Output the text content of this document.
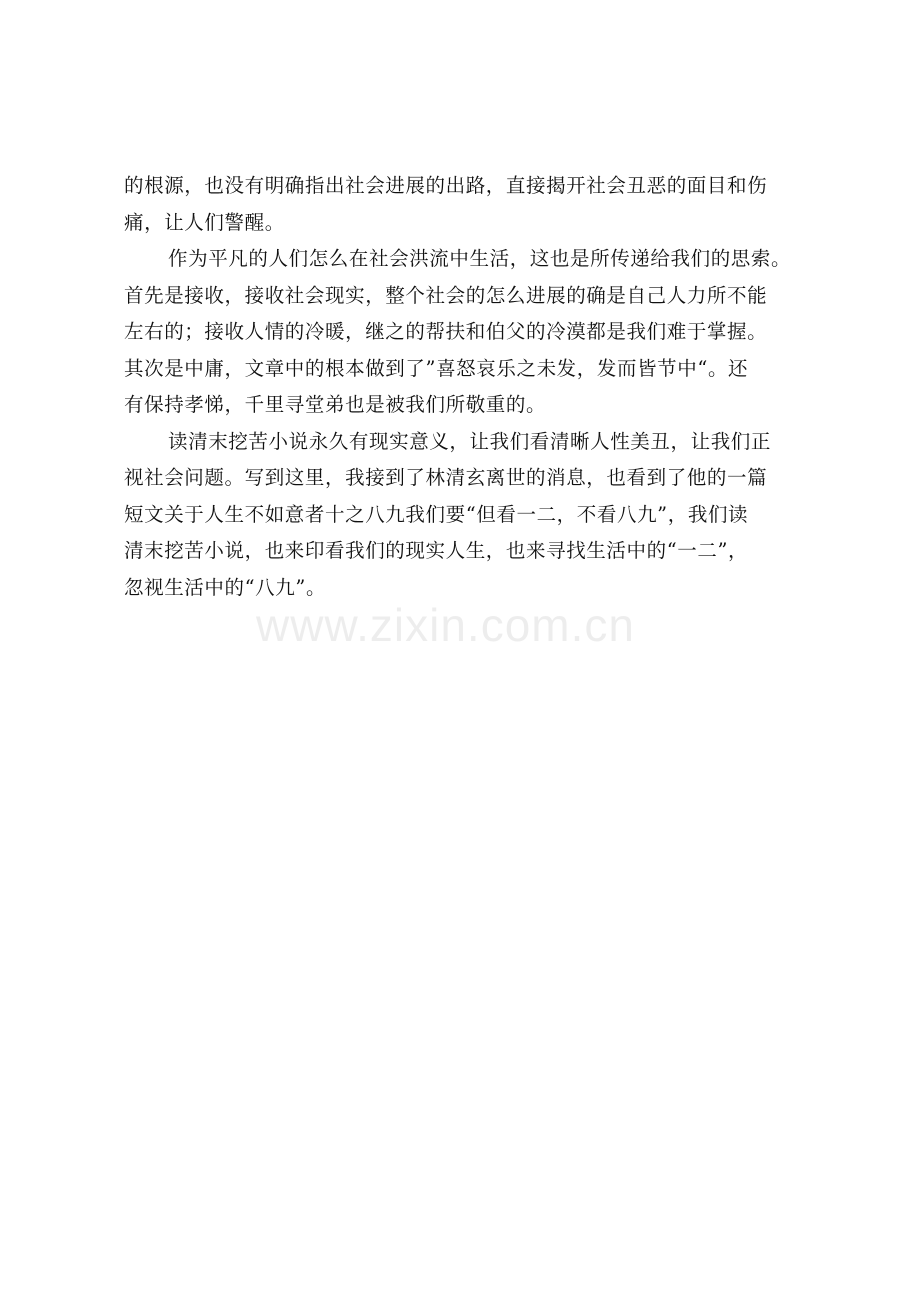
的根源，也没有明确指出社会进展的出路，直接揭开社会丑恶的面目和伤
痛，让人们警醒。
作为平凡的人们怎么在社会洪流中生活，这也是所传递给我们的思索。
首先是接收，接收社会现实，整个社会的怎么进展的确是自己人力所不能
左右的；接收人情的冷暖，继之的帮扶和伯父的冷漠都是我们难于掌握。
其次是中庸，文章中的根本做到了”喜怒哀乐之未发，发而皆节中“。还
有保持孝悌，千里寻堂弟也是被我们所敬重的。
读清末挖苦小说永久有现实意义，让我们看清晰人性美丑，让我们正
视社会问题。写到这里，我接到了林清玄离世的消息，也看到了他的一篇
短文关于人生不如意者十之八九我们要“但看一二，不看八九”，我们读
清末挖苦小说，也来印看我们的现实人生，也来寻找生活中的“一二”，
忽视生活中的“八九”。
www.zixin.com.cn
